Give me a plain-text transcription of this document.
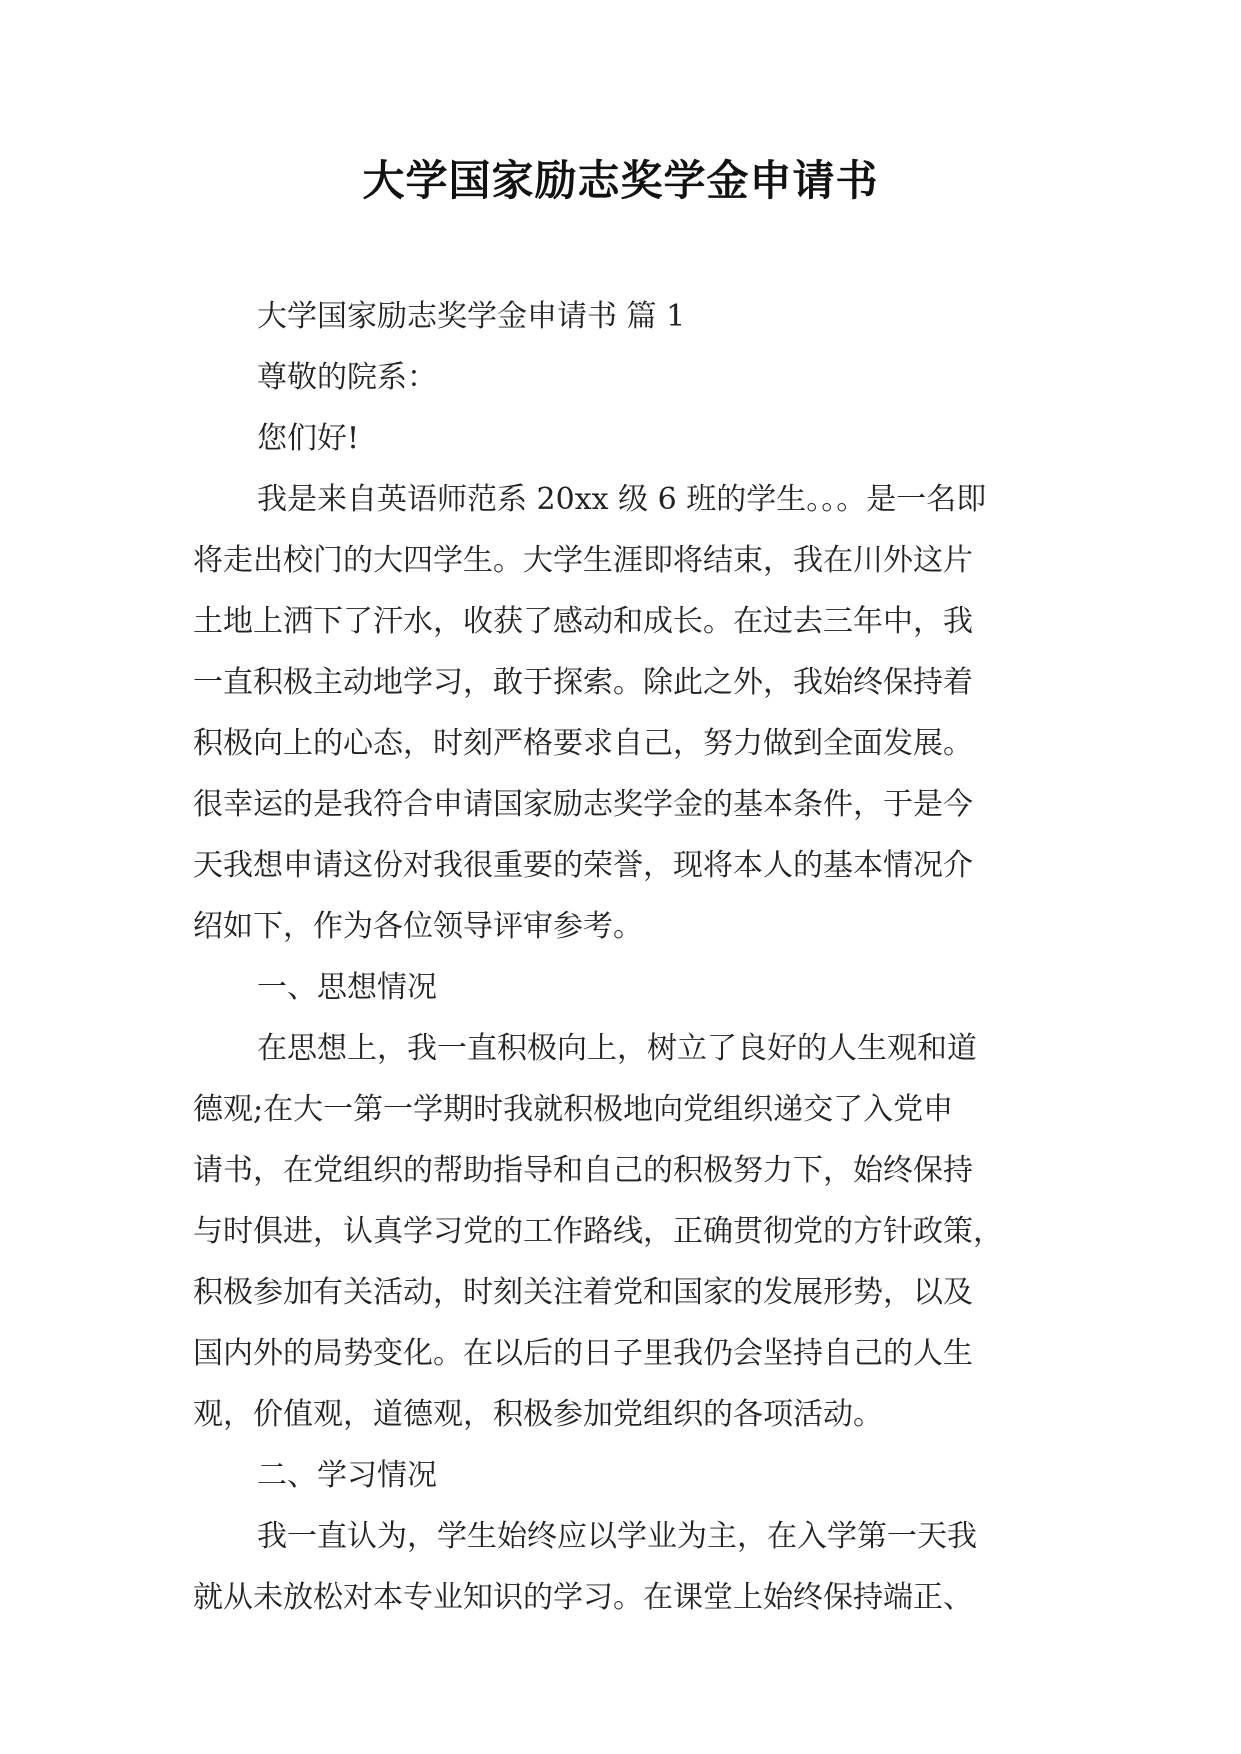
大学国家励志奖学金申请书
大学国家励志奖学金申请书 篇 1
尊敬的院系：
您们好!
我是来自英语师范系 20xx 级 6 班的学生。。。是一名即
将走出校门的大四学生。大学生涯即将结束，我在川外这片
土地上洒下了汗水，收获了感动和成长。在过去三年中，我
一直积极主动地学习，敢于探索。除此之外，我始终保持着
积极向上的心态，时刻严格要求自己，努力做到全面发展。
很幸运的是我符合申请国家励志奖学金的基本条件，于是今
天我想申请这份对我很重要的荣誉，现将本人的基本情况介
绍如下，作为各位领导评审参考。
一、思想情况
在思想上，我一直积极向上，树立了良好的人生观和道
德观;在大一第一学期时我就积极地向党组织递交了入党申
请书，在党组织的帮助指导和自己的积极努力下，始终保持
与时俱进，认真学习党的工作路线，正确贯彻党的方针政策，
积极参加有关活动，时刻关注着党和国家的发展形势，以及
国内外的局势变化。在以后的日子里我仍会坚持自己的人生
观，价值观，道德观，积极参加党组织的各项活动。
二、学习情况
我一直认为，学生始终应以学业为主，在入学第一天我
就从未放松对本专业知识的学习。在课堂上始终保持端正、
